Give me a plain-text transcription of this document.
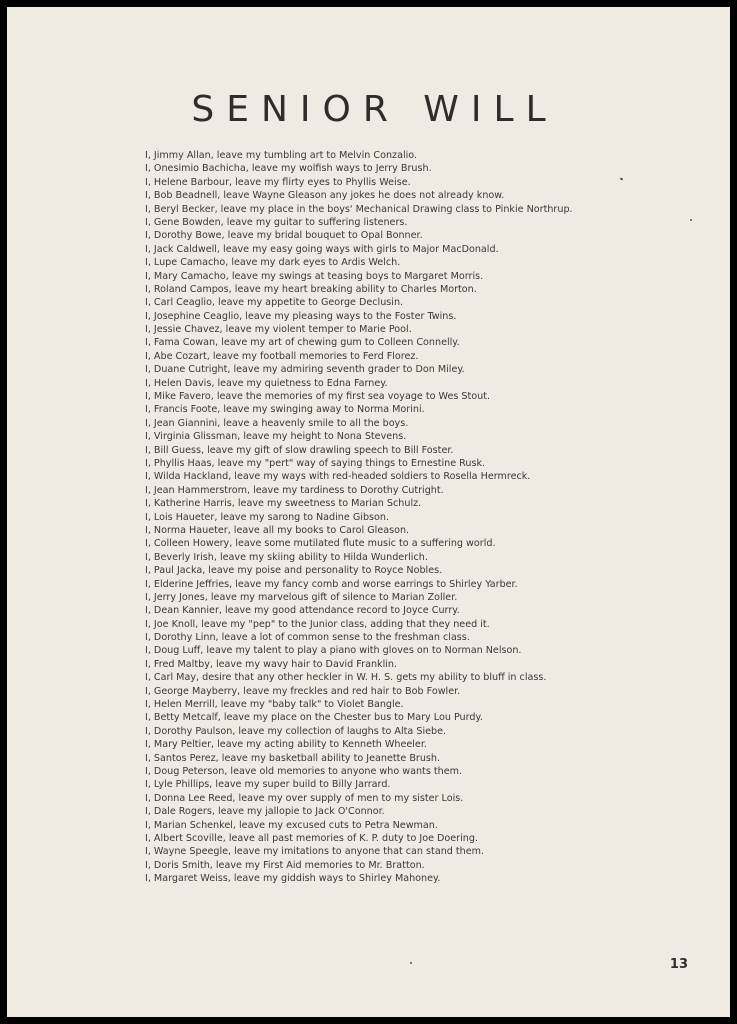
SENIOR WILL
I, Jimmy Allan, leave my tumbling art to Melvin Conzalio.
I, Onesimio Bachicha, leave my wolfish ways to Jerry Brush.
I, Helene Barbour, leave my flirty eyes to Phyllis Weise.
I, Bob Beadnell, leave Wayne Gleason any jokes he does not already know.
I, Beryl Becker, leave my place in the boys' Mechanical Drawing class to Pinkie Northrup.
I, Gene Bowden, leave my guitar to suffering listeners.
I, Dorothy Bowe, leave my bridal bouquet to Opal Bonner.
I, Jack Caldwell, leave my easy going ways with girls to Major MacDonald.
I, Lupe Camacho, leave my dark eyes to Ardis Welch.
I, Mary Camacho, leave my swings at teasing boys to Margaret Morris.
I, Roland Campos, leave my heart breaking ability to Charles Morton.
I, Carl Ceaglio, leave my appetite to George Declusin.
I, Josephine Ceaglio, leave my pleasing ways to the Foster Twins.
I, Jessie Chavez, leave my violent temper to Marie Pool.
I, Fama Cowan, leave my art of chewing gum to Colleen Connelly.
I, Abe Cozart, leave my football memories to Ferd Florez.
I, Duane Cutright, leave my admiring seventh grader to Don Miley.
I, Helen Davis, leave my quietness to Edna Farney.
I, Mike Favero, leave the memories of my first sea voyage to Wes Stout.
I, Francis Foote, leave my swinging away to Norma Morini.
I, Jean Giannini, leave a heavenly smile to all the boys.
I, Virginia Glissman, leave my height to Nona Stevens.
I, Bill Guess, leave my gift of slow drawling speech to Bill Foster.
I, Phyllis Haas, leave my "pert" way of saying things to Ernestine Rusk.
I, Wilda Hackland, leave my ways with red-headed soldiers to Rosella Hermreck.
I, Jean Hammerstrom, leave my tardiness to Dorothy Cutright.
I, Katherine Harris, leave my sweetness to Marian Schulz.
I, Lois Haueter, leave my sarong to Nadine Gibson.
I, Norma Haueter, leave all my books to Carol Gleason.
I, Colleen Howery, leave some mutilated flute music to a suffering world.
I, Beverly Irish, leave my skiing ability to Hilda Wunderlich.
I, Paul Jacka, leave my poise and personality to Royce Nobles.
I, Elderine Jeffries, leave my fancy comb and worse earrings to Shirley Yarber.
I, Jerry Jones, leave my marvelous gift of silence to Marian Zoller.
I, Dean Kannier, leave my good attendance record to Joyce Curry.
I, Joe Knoll, leave my "pep" to the Junior class, adding that they need it.
I, Dorothy Linn, leave a lot of common sense to the freshman class.
I, Doug Luff, leave my talent to play a piano with gloves on to Norman Nelson.
I, Fred Maltby, leave my wavy hair to David Franklin.
I, Carl May, desire that any other heckler in W. H. S. gets my ability to bluff in class.
I, George Mayberry, leave my freckles and red hair to Bob Fowler.
I, Helen Merrill, leave my "baby talk" to Violet Bangle.
I, Betty Metcalf, leave my place on the Chester bus to Mary Lou Purdy.
I, Dorothy Paulson, leave my collection of laughs to Alta Siebe.
I, Mary Peltier, leave my acting ability to Kenneth Wheeler.
I, Santos Perez, leave my basketball ability to Jeanette Brush.
I, Doug Peterson, leave old memories to anyone who wants them.
I, Lyle Phillips, leave my super build to Billy Jarrard.
I, Donna Lee Reed, leave my over supply of men to my sister Lois.
I, Dale Rogers, leave my jallopie to Jack O'Connor.
I, Marian Schenkel, leave my excused cuts to Petra Newman.
I, Albert Scoville, leave all past memories of K. P. duty to Joe Doering.
I, Wayne Speegle, leave my imitations to anyone that can stand them.
I, Doris Smith, leave my First Aid memories to Mr. Bratton.
I, Margaret Weiss, leave my giddish ways to Shirley Mahoney.
13
